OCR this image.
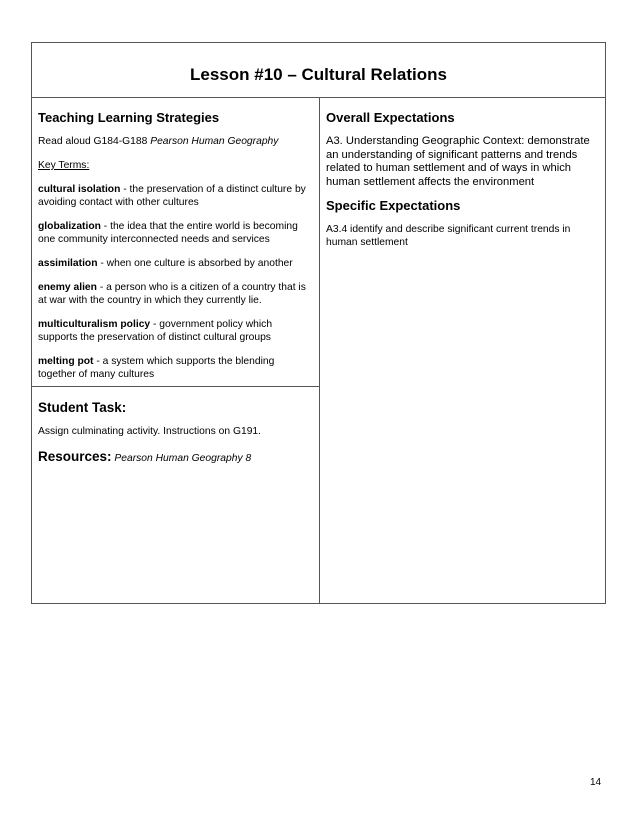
Lesson #10 – Cultural Relations
Teaching Learning Strategies

Read aloud G184-G188 Pearson Human Geography

Key Terms:

cultural isolation - the preservation of a distinct culture by avoiding contact with other cultures

globalization - the idea that the entire world is becoming one community interconnected needs and services

assimilation - when one culture is absorbed by another

enemy alien - a person who is a citizen of a country that is at war with the country in which they currently lie.

multiculturalism policy - government policy which supports the preservation of distinct cultural groups

melting pot - a system which supports the blending together of many cultures

Student Task:

Assign culminating activity. Instructions on G191.

Resources: Pearson Human Geography 8

Overall Expectations

A3. Understanding Geographic Context: demonstrate an understanding of significant patterns and trends related to human settlement and of ways in which human settlement affects the environment

Specific Expectations

A3.4 identify and describe significant current trends in human settlement

14
